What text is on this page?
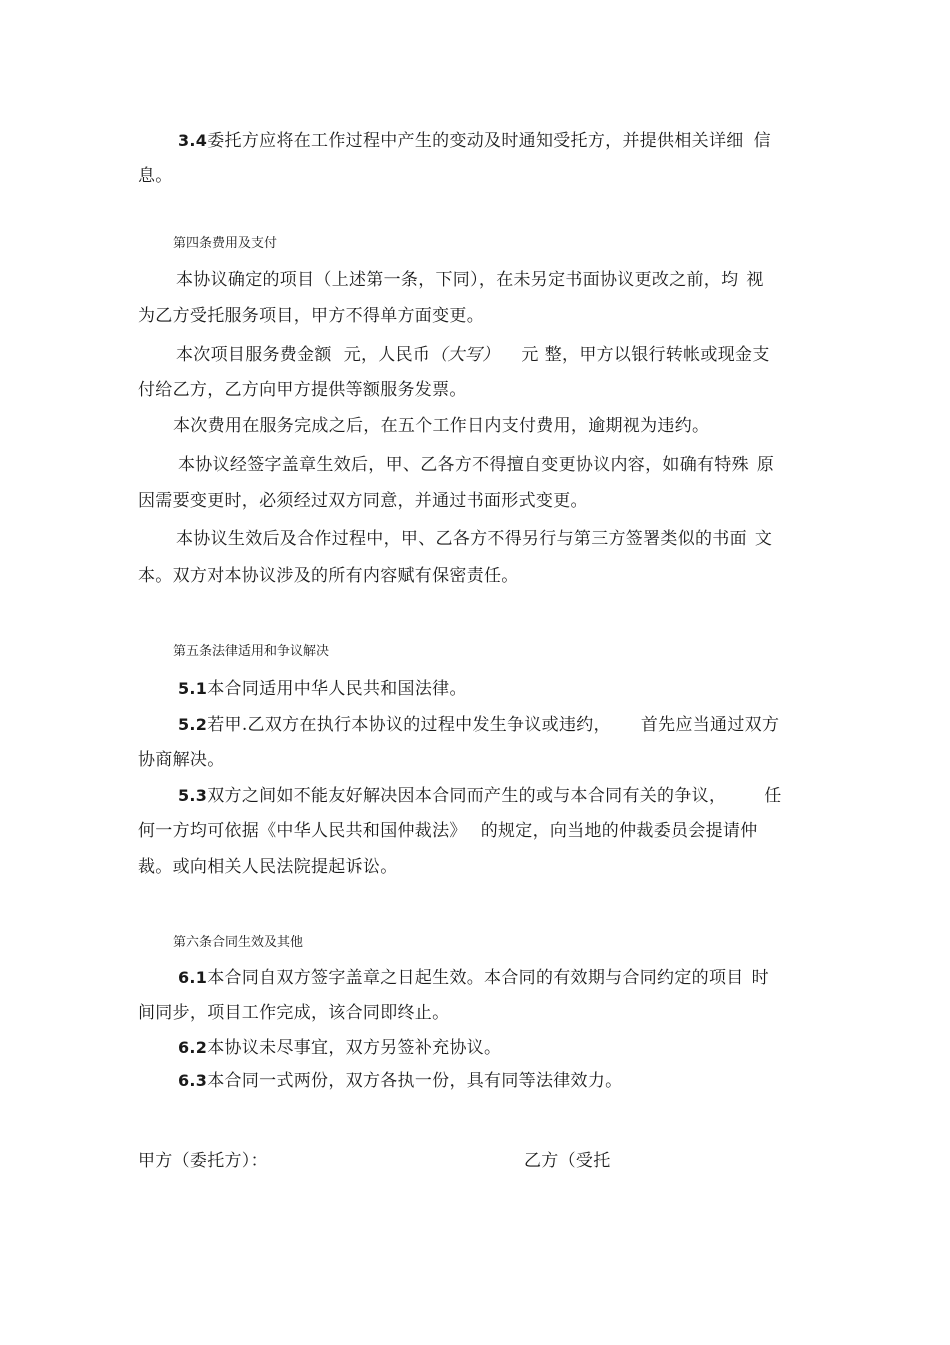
3.4委托方应将在工作过程中产生的变动及时通知受托方，并提供相关详细 信
息。
第四条费用及支付
本协议确定的项目（上述第一条，下同），在未另定书面协议更改之前，均 视
为乙方受托服务项目，甲方不得单方面变更。
本次项目服务费金额 元，人民币（大写） 元 整，甲方以银行转帐或现金支
付给乙方，乙方向甲方提供等额服务发票。
本次费用在服务完成之后，在五个工作日内支付费用，逾期视为违约。
本协议经签字盖章生效后，甲、乙各方不得擅自变更协议内容，如确有特殊 原
因需要变更时，必须经过双方同意，并通过书面形式变更。
本协议生效后及合作过程中，甲、乙各方不得另行与第三方签署类似的书面 文
本。双方对本协议涉及的所有内容赋有保密责任。
第五条法律适用和争议解决
5.1本合同适用中华人民共和国法律。
5.2若甲.乙双方在执行本协议的过程中发生争议或违约， 首先应当通过双方
协商解决。
5.3双方之间如不能友好解决因本合同而产生的或与本合同有关的争议， 任
何一方均可依据《中华人民共和国仲裁法》 的规定，向当地的仲裁委员会提请仲
裁。或向相关人民法院提起诉讼。
第六条合同生效及其他
6.1本合同自双方签字盖章之日起生效。本合同的有效期与合同约定的项目 时
间同步，项目工作完成，该合同即终止。
6.2本协议未尽事宜，双方另签补充协议。
6.3本合同一式两份，双方各执一份，具有同等法律效力。
甲方（委托方）：	乙方（受托
